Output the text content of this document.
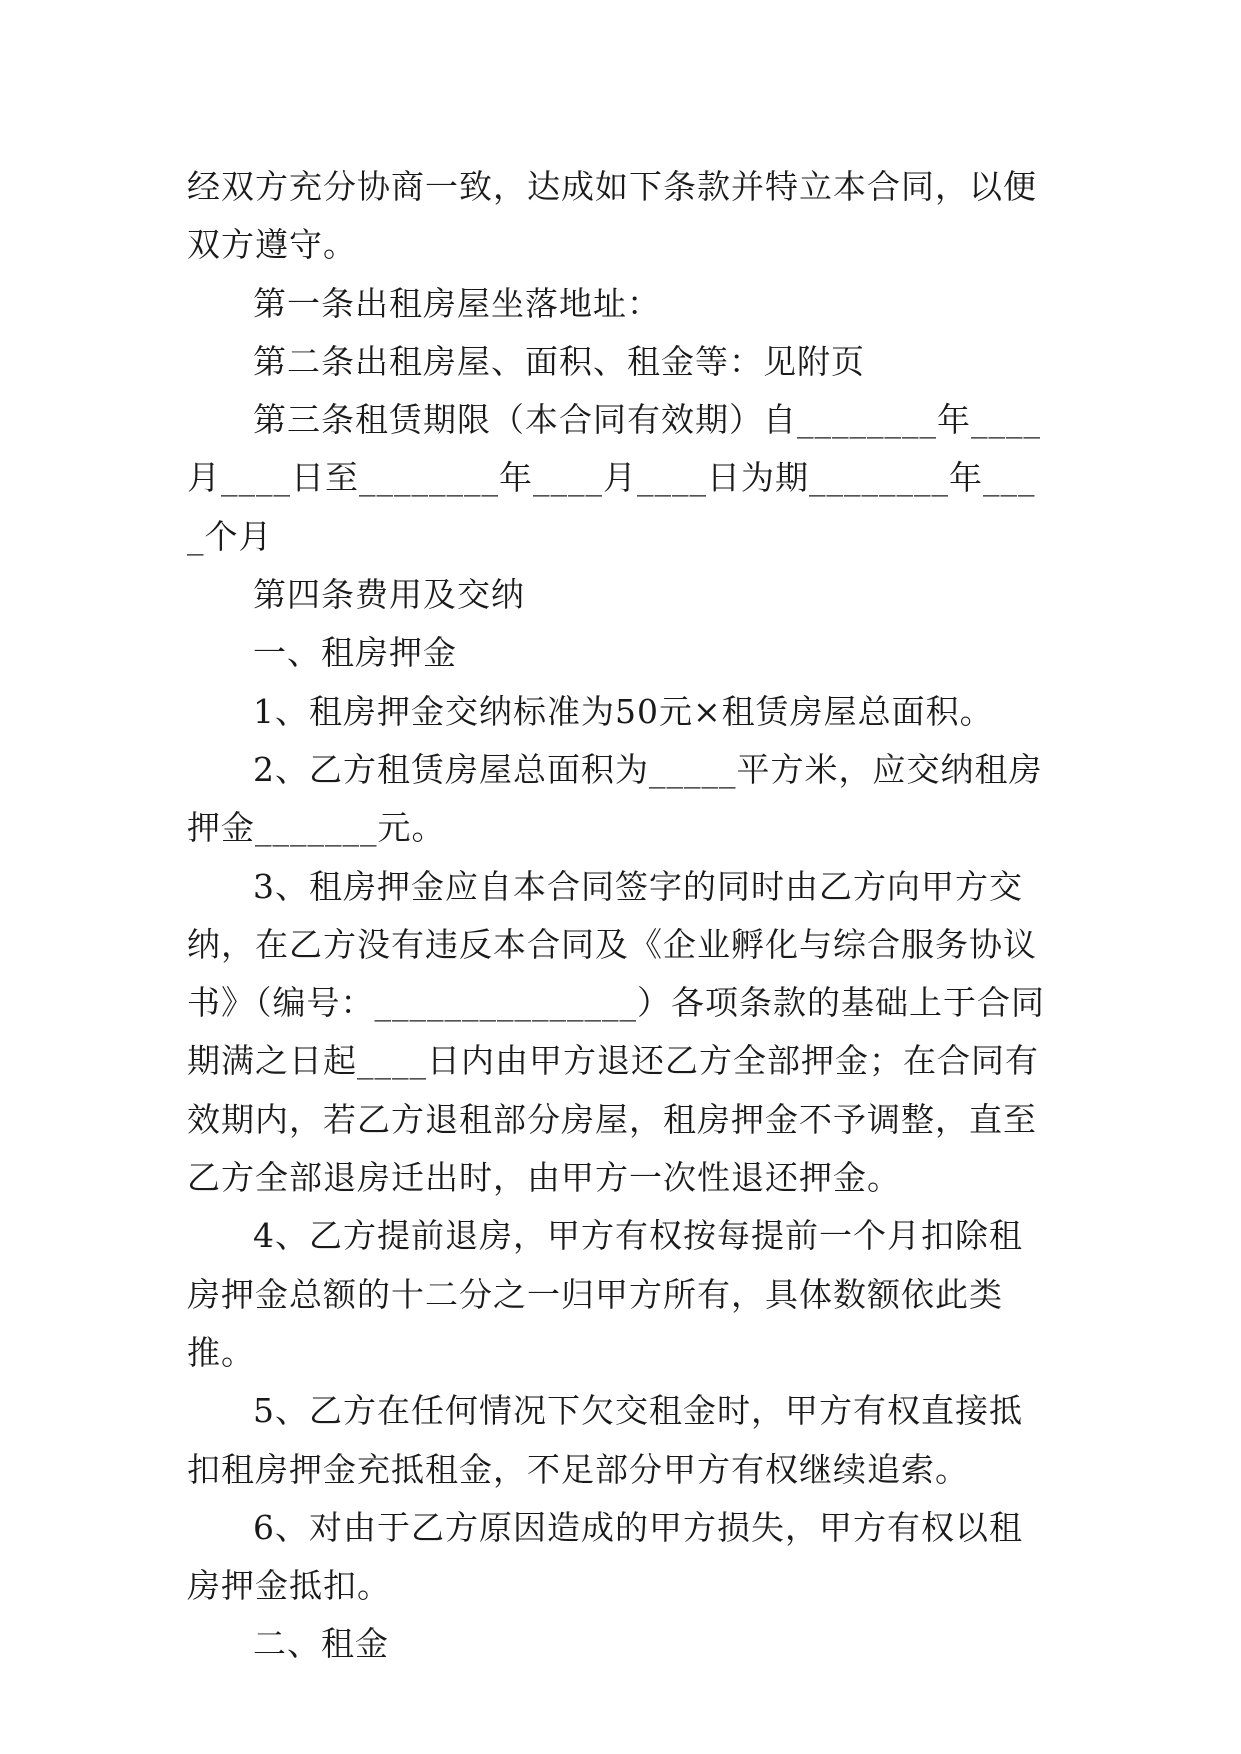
经双方充分协商一致，达成如下条款并特立本合同，以便双方遵守。

第一条出租房屋坐落地址：

第二条出租房屋、面积、租金等：见附页

第三条租赁期限（本合同有效期）自________年____月____日至________年____月____日为期________年____个月

第四条费用及交纳

一、租房押金

1、租房押金交纳标准为50元×租赁房屋总面积。

2、乙方租赁房屋总面积为_____平方米，应交纳租房押金_______元。

3、租房押金应自本合同签字的同时由乙方向甲方交纳，在乙方没有违反本合同及《企业孵化与综合服务协议书》（编号：_______________）各项条款的基础上于合同期满之日起____日内由甲方退还乙方全部押金；在合同有效期内，若乙方退租部分房屋，租房押金不予调整，直至乙方全部退房迁出时，由甲方一次性退还押金。

4、乙方提前退房，甲方有权按每提前一个月扣除租房押金总额的十二分之一归甲方所有，具体数额依此类推。

5、乙方在任何情况下欠交租金时，甲方有权直接抵扣租房押金充抵租金，不足部分甲方有权继续追索。

6、对由于乙方原因造成的甲方损失，甲方有权以租房押金抵扣。

二、租金
